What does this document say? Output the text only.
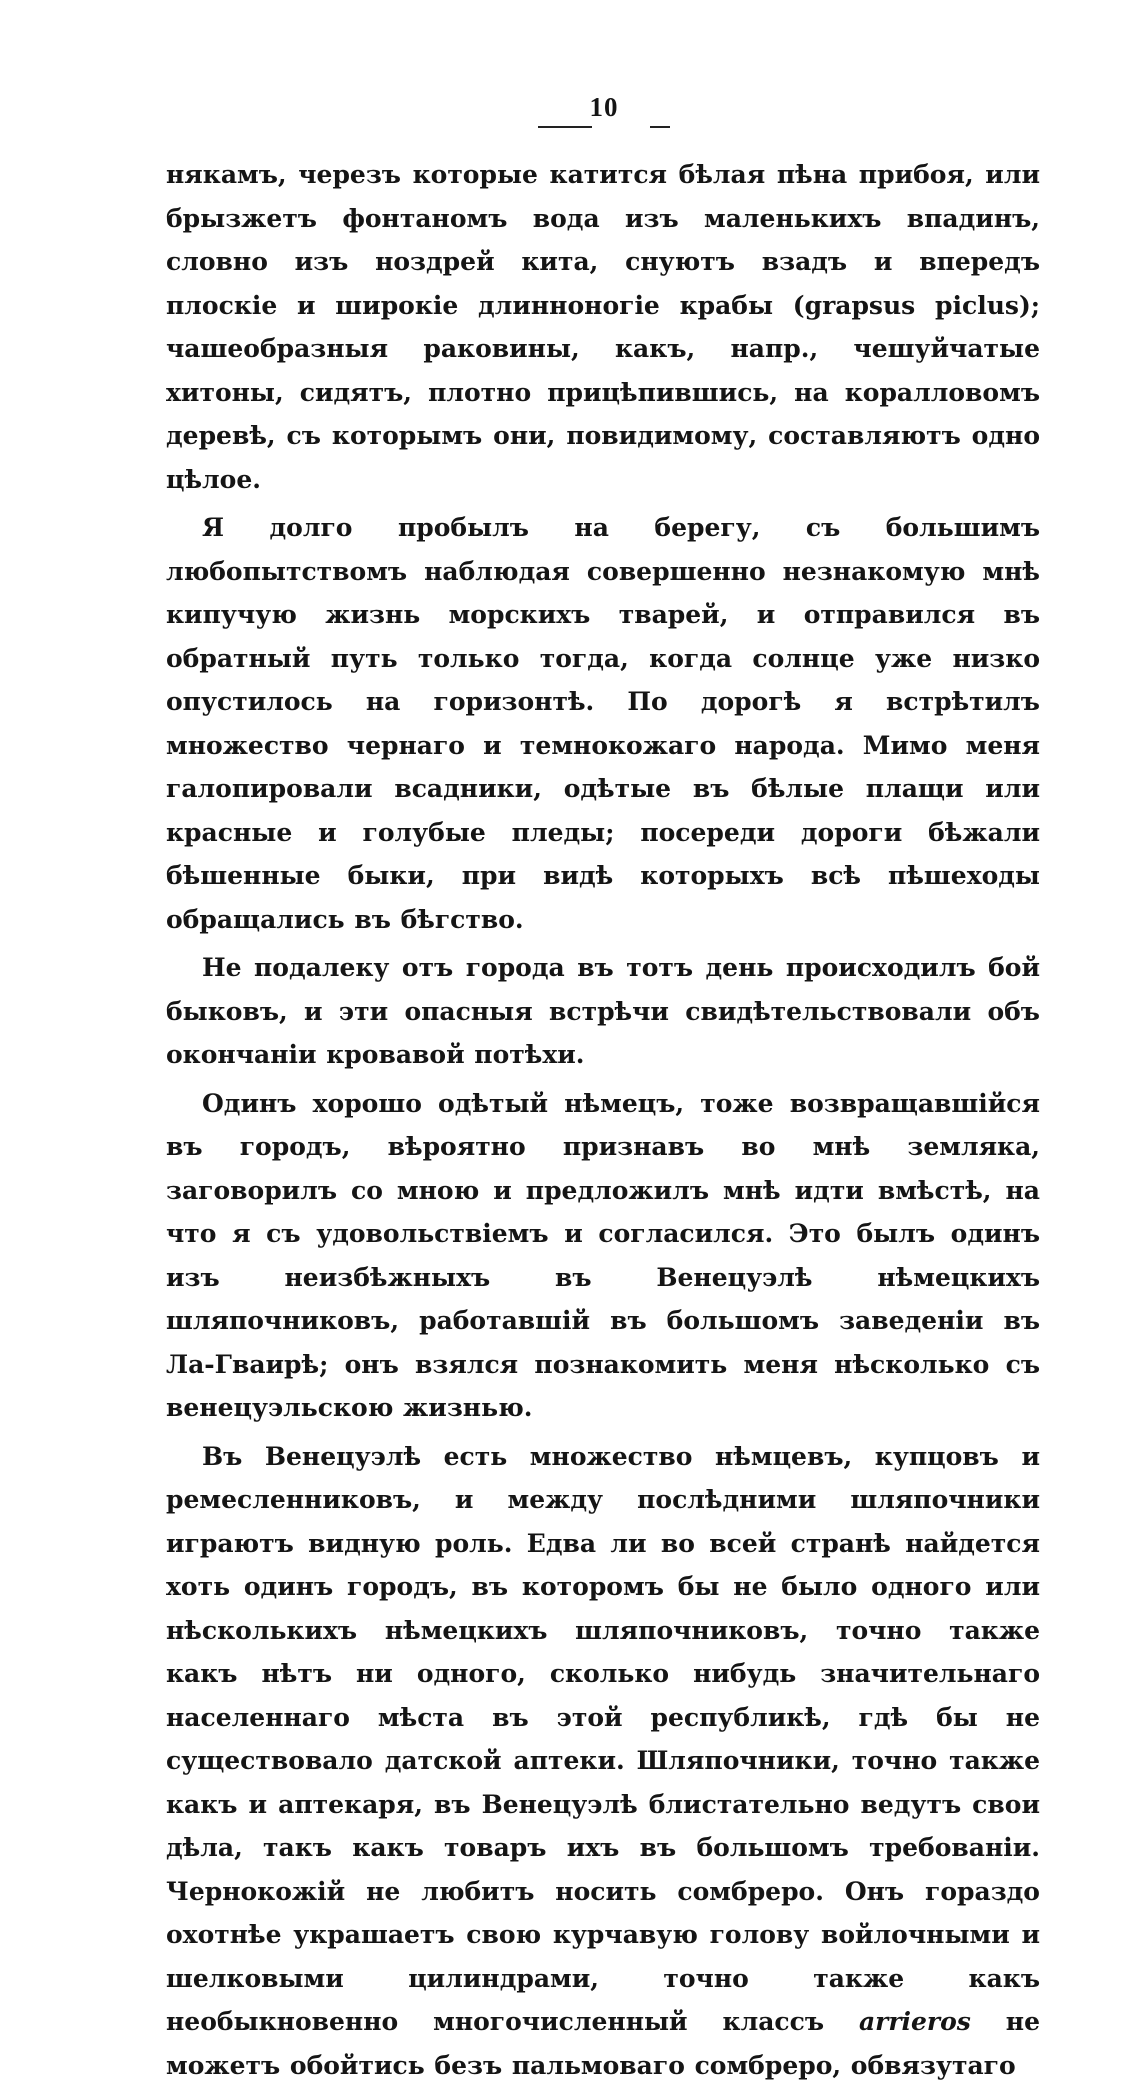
10

някамъ, черезъ которые катится бѣлая пѣна прибоя, или брызжетъ фонтаномъ вода изъ маленькихъ впадинъ, словно изъ ноздрей кита, снуютъ взадъ и впередъ плоскіе и широкіе длинноногіе крабы (grapsus piclus); чашеобразныя раковины, какъ, напр., чешуйчатые хитоны, сидятъ, плотно прицѣпившись, на коралловомъ деревѣ, съ которымъ они, повидимому, составляютъ одно цѣлое.

Я долго пробылъ на берегу, съ большимъ любопытствомъ наблюдая совершенно незнакомую мнѣ кипучую жизнь морскихъ тварей, и отправился въ обратный путь только тогда, когда солнце уже низко опустилось на горизонтѣ. По дорогѣ я встрѣтилъ множество чернаго и темнокожаго народа. Мимо меня галопировали всадники, одѣтые въ бѣлые плащи или красные и голубые пледы; посереди дороги бѣжали бѣшенные быки, при видѣ которыхъ всѣ пѣшеходы обращались въ бѣгство.

Не подалеку отъ города въ тотъ день происходилъ бой быковъ, и эти опасныя встрѣчи свидѣтельствовали объ окончаніи кровавой потѣхи.

Одинъ хорошо одѣтый нѣмецъ, тоже возвращавшійся въ городъ, вѣроятно признавъ во мнѣ земляка, заговорилъ со мною и предложилъ мнѣ идти вмѣстѣ, на что я съ удовольствіемъ и согласился. Это былъ одинъ изъ неизбѣжныхъ въ Венецуэлѣ нѣмецкихъ шляпочниковъ, работавшій въ большомъ заведеніи въ Ла-Гваирѣ; онъ взялся познакомить меня нѣсколько съ венецуэльскою жизнью.

Въ Венецуэлѣ есть множество нѣмцевъ, купцовъ и ремесленниковъ, и между послѣдними шляпочники играютъ видную роль. Едва ли во всей странѣ найдется хоть одинъ городъ, въ которомъ бы не было одного или нѣсколькихъ нѣмецкихъ шляпочниковъ, точно также какъ нѣтъ ни одного, сколько нибудь значительнаго населеннаго мѣста въ этой республикѣ, гдѣ бы не существовало датской аптеки. Шляпочники, точно также какъ и аптекаря, въ Венецуэлѣ блистательно ведутъ свои дѣла, такъ какъ товаръ ихъ въ большомъ требованіи. Чернокожій не любитъ носить сомбреро. Онъ гораздо охотнѣе украшаетъ свою курчавую голову войлочными и шелковыми цилиндрами, точно также какъ необыкновенно многочисленный классъ arrieros не можетъ обойтись безъ пальмоваго сомбреро, обвязутаго
